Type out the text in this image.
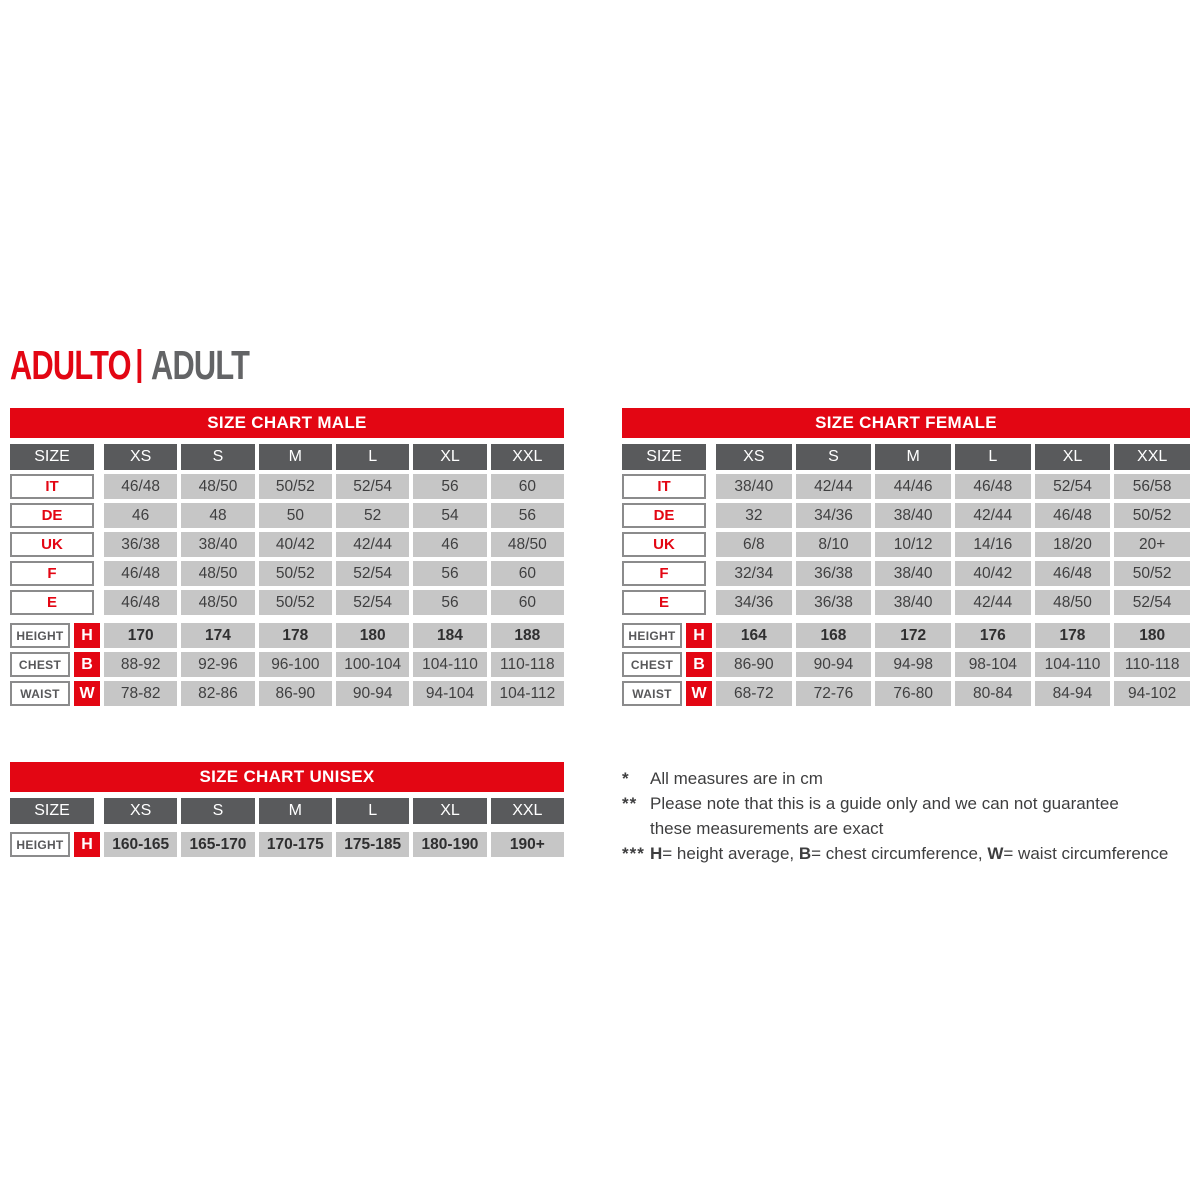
ADULTO ADULT
SIZE CHART MALE
SIZE	XS	S	M	L	XL	XXL
IT	46/48	48/50	50/52	52/54	56	60
DE	46	48	50	52	54	56
UK	36/38	38/40	40/42	42/44	46	48/50
F	46/48	48/50	50/52	52/54	56	60
E	46/48	48/50	50/52	52/54	56	60
HEIGHT	H	170	174	178	180	184	188
CHEST	B	88-92	92-96	96-100	100-104	104-110	110-118
WAIST	W	78-82	82-86	86-90	90-94	94-104	104-112
SIZE CHART FEMALE
SIZE	XS	S	M	L	XL	XXL
IT	38/40	42/44	44/46	46/48	52/54	56/58
DE	32	34/36	38/40	42/44	46/48	50/52
UK	6/8	8/10	10/12	14/16	18/20	20+
F	32/34	36/38	38/40	40/42	46/48	50/52
E	34/36	36/38	38/40	42/44	48/50	52/54
HEIGHT	H	164	168	172	176	178	180
CHEST	B	86-90	90-94	94-98	98-104	104-110	110-118
WAIST	W	68-72	72-76	76-80	80-84	84-94	94-102
SIZE CHART UNISEX
SIZE	XS	S	M	L	XL	XXL
HEIGHT	H	160-165	165-170	170-175	175-185	180-190	190+
*	All measures are in cm
** Please note that this is a guide only and we can not guarantee these measurements are exact
*** H= height average, B= chest circumference, W= waist circumference
